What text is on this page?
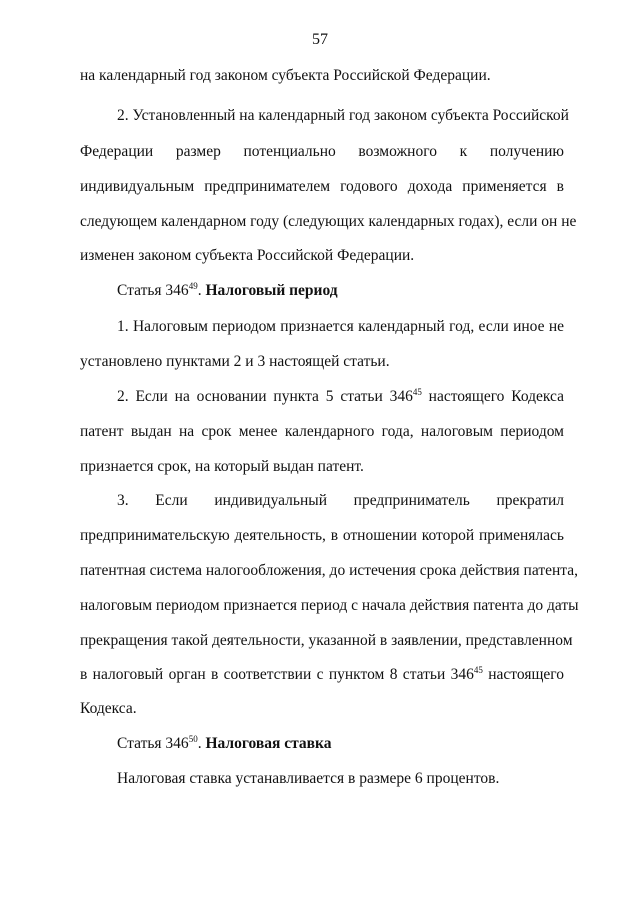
57
на календарный год законом субъекта Российской Федерации.
2. Установленный на календарный год законом субъекта Российской
Федерации размер потенциально возможного к получению
индивидуальным предпринимателем годового дохода применяется в
следующем календарном году (следующих календарных годах), если он не
изменен законом субъекта Российской Федерации.
Статья $346^{49}$. Налоговый период
1. Налоговым периодом признается календарный год, если иное не
установлено пунктами 2 и 3 настоящей статьи.
2. Если на основании пункта 5 статьи $346^{45}$ настоящего Кодекса
патент выдан на срок менее календарного года, налоговым периодом
признается срок, на который выдан патент.
3. Если индивидуальный предприниматель прекратил
предпринимательскую деятельность, в отношении которой применялась
патентная система налогообложения, до истечения срока действия патента,
налоговым периодом признается период с начала действия патента до даты
прекращения такой деятельности, указанной в заявлении, представленном
в налоговый орган в соответствии с пунктом 8 статьи $346^{45}$ настоящего
Кодекса.
Статья $346^{50}$. Налоговая ставка
Налоговая ставка устанавливается в размере 6 процентов.
